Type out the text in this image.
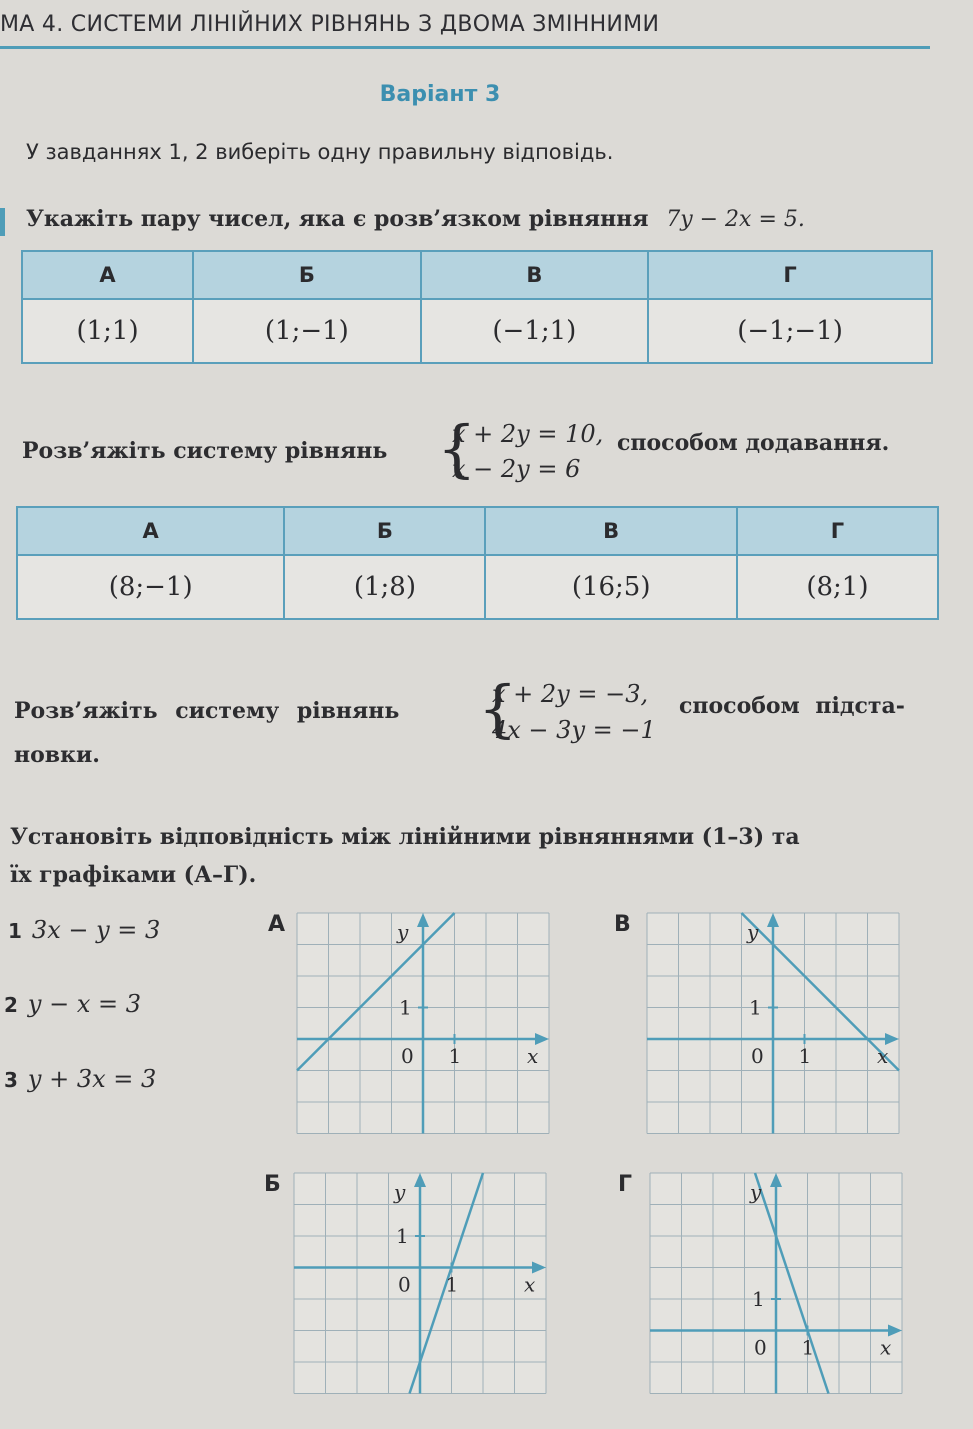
МА 4. СИСТЕМИ ЛІНІЙНИХ РІВНЯНЬ З ДВОМА ЗМІННИМИ
Варіант 3
У завданнях 1, 2 виберіть одну правильну відповідь.
Укажіть пару чисел, яка є розв’язком рівняння 7y − 2x = 5.
А	Б	В	Г
(1;1)	(1;−1)	(−1;1)	(−1;−1)
Розв’яжіть систему рівнянь {
x + 2y = 10,
x − 2y = 6
способом додавання.
А	Б	В	Г
(8;−1)	(1;8)	(16;5)	(8;1)
Розв’яжіть систему рівнянь {
x + 2y = −3,
4x − 3y = −1
способом підста-
новки.
Установіть відповідність між лінійними рівняннями (1–3) та
їх графіками (А–Г).
1 3x − y = 3
2 y − x = 3
3 y + 3x = 3
А	В
Б	Г
0 1
1
x
y
0 1
1
x
y
0 1
1
x
y
0 1
1
x
y
